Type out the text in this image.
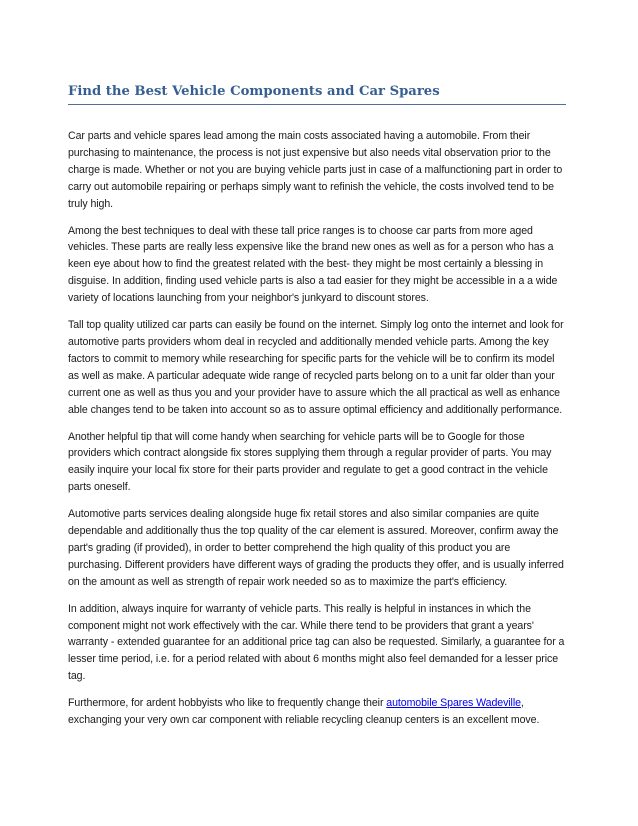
Find the Best Vehicle Components and Car Spares

Car parts and vehicle spares lead among the main costs associated having a automobile. From their purchasing to maintenance, the process is not just expensive but also needs vital observation prior to the charge is made. Whether or not you are buying vehicle parts just in case of a malfunctioning part in order to carry out automobile repairing or perhaps simply want to refinish the vehicle, the costs involved tend to be truly high.

Among the best techniques to deal with these tall price ranges is to choose car parts from more aged vehicles. These parts are really less expensive like the brand new ones as well as for a person who has a keen eye about how to find the greatest related with the best- they might be most certainly a blessing in disguise. In addition, finding used vehicle parts is also a tad easier for they might be accessible in a a wide variety of locations launching from your neighbor's junkyard to discount stores.

Tall top quality utilized car parts can easily be found on the internet. Simply log onto the internet and look for automotive parts providers whom deal in recycled and additionally mended vehicle parts. Among the key factors to commit to memory while researching for specific parts for the vehicle will be to confirm its model as well as make. A particular adequate wide range of recycled parts belong on to a unit far older than your current one as well as thus you and your provider have to assure which the all practical as well as enhance able changes tend to be taken into account so as to assure optimal efficiency and additionally performance.

Another helpful tip that will come handy when searching for vehicle parts will be to Google for those providers which contract alongside fix stores supplying them through a regular provider of parts. You may easily inquire your local fix store for their parts provider and regulate to get a good contract in the vehicle parts oneself.

Automotive parts services dealing alongside huge fix retail stores and also similar companies are quite dependable and additionally thus the top quality of the car element is assured. Moreover, confirm away the part's grading (if provided), in order to better comprehend the high quality of this product you are purchasing. Different providers have different ways of grading the products they offer, and is usually inferred on the amount as well as strength of repair work needed so as to maximize the part's efficiency.

In addition, always inquire for warranty of vehicle parts. This really is helpful in instances in which the component might not work effectively with the car. While there tend to be providers that grant a years' warranty - extended guarantee for an additional price tag can also be requested. Similarly, a guarantee for a lesser time period, i.e. for a period related with about 6 months might also feel demanded for a lesser price tag.

Furthermore, for ardent hobbyists who like to frequently change their automobile Spares Wadeville, exchanging your very own car component with reliable recycling cleanup centers is an excellent move.
